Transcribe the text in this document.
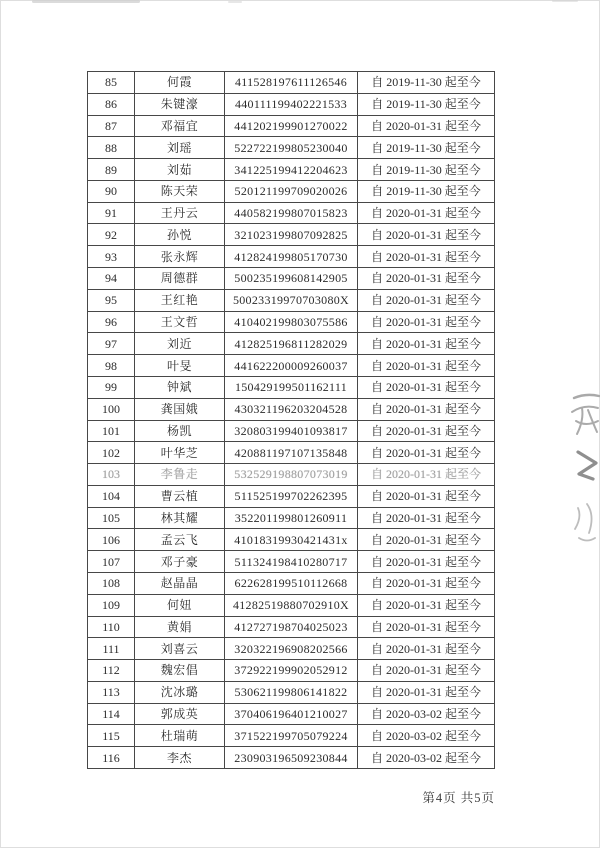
85	何霞	411528197611126546	自 2019-11-30 起至今
86	朱键濠	440111199402221533	自 2019-11-30 起至今
87	邓福宜	441202199901270022	自 2020-01-31 起至今
88	刘瑶	522722199805230040	自 2019-11-30 起至今
89	刘茹	341225199412204623	自 2019-11-30 起至今
90	陈天荣	520121199709020026	自 2019-11-30 起至今
91	王丹云	440582199807015823	自 2020-01-31 起至今
92	孙悦	321023199807092825	自 2020-01-31 起至今
93	张永辉	412824199805170730	自 2020-01-31 起至今
94	周德群	500235199608142905	自 2020-01-31 起至今
95	王红艳	50023319970703080X	自 2020-01-31 起至今
96	王文哲	410402199803075586	自 2020-01-31 起至今
97	刘近	412825196811282029	自 2020-01-31 起至今
98	叶旻	441622200009260037	自 2020-01-31 起至今
99	钟斌	150429199501162111	自 2020-01-31 起至今
100	龚国娥	430321196203204528	自 2020-01-31 起至今
101	杨凯	320803199401093817	自 2020-01-31 起至今
102	叶华芝	420881197107135848	自 2020-01-31 起至今
103	李鲁走	532529198807073019	自 2020-01-31 起至今
104	曹云植	511525199702262395	自 2020-01-31 起至今
105	林其耀	352201199801260911	自 2020-01-31 起至今
106	孟云飞	41018319930421431x	自 2020-01-31 起至今
107	邓子豪	511324198410280717	自 2020-01-31 起至今
108	赵晶晶	622628199510112668	自 2020-01-31 起至今
109	何妞	41282519880702910X	自 2020-01-31 起至今
110	黄娟	412727198704025023	自 2020-01-31 起至今
111	刘喜云	320322196908202566	自 2020-01-31 起至今
112	魏宏倡	372922199902052912	自 2020-01-31 起至今
113	沈冰璐	530621199806141822	自 2020-01-31 起至今
114	郭成英	370406196401210027	自 2020-03-02 起至今
115	杜瑞萌	371522199705079224	自 2020-03-02 起至今
116	李杰	230903196509230844	自 2020-03-02 起至今
第4页 共5页
